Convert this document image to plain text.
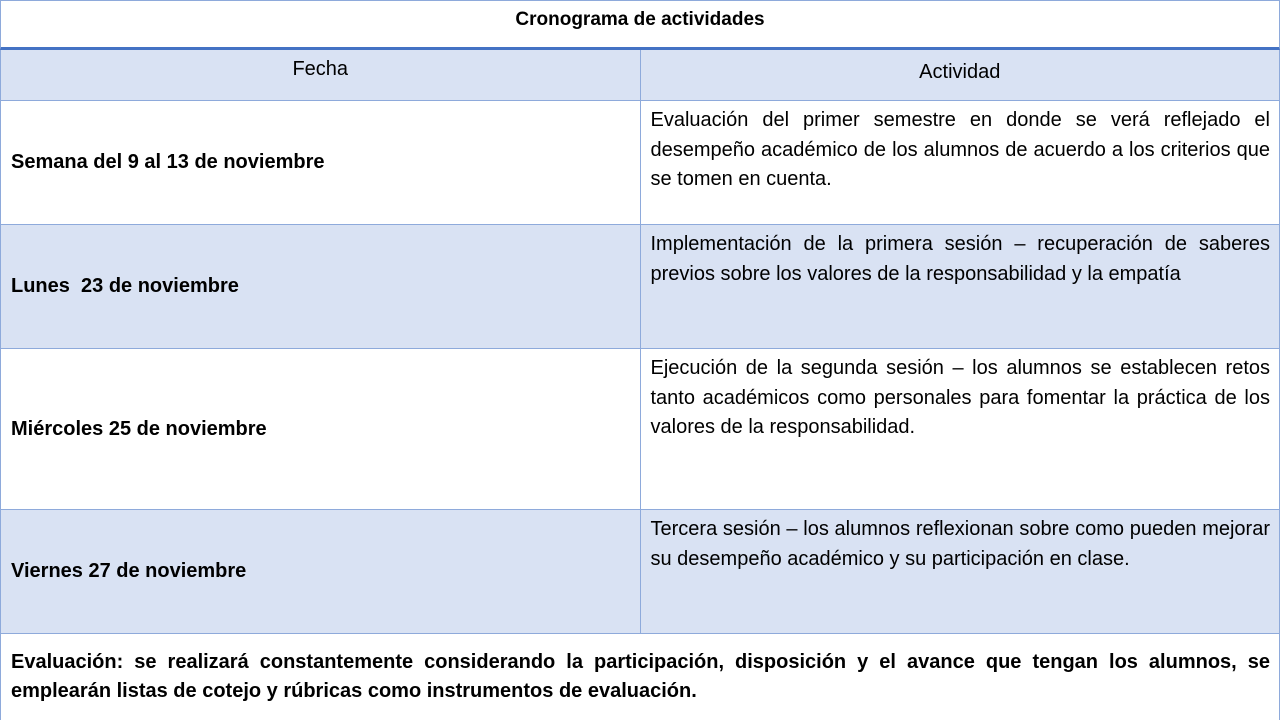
Cronograma de actividades
Fecha	Actividad
Semana del 9 al 13 de noviembre
Evaluación del primer semestre en donde se verá reflejado el desempeño académico de los alumnos de acuerdo a los criterios que se tomen en cuenta.
Lunes  23 de noviembre
Implementación de la primera sesión – recuperación de saberes previos sobre los valores de la responsabilidad y la empatía
Miércoles 25 de noviembre
Ejecución de la segunda sesión – los alumnos se establecen retos tanto académicos como personales para fomentar la práctica de los valores de la responsabilidad.
Viernes 27 de noviembre
Tercera sesión – los alumnos reflexionan sobre como pueden mejorar su desempeño académico y su participación en clase.
Evaluación: se realizará constantemente considerando la participación, disposición y el avance que tengan los alumnos, se emplearán listas de cotejo y rúbricas como instrumentos de evaluación.
